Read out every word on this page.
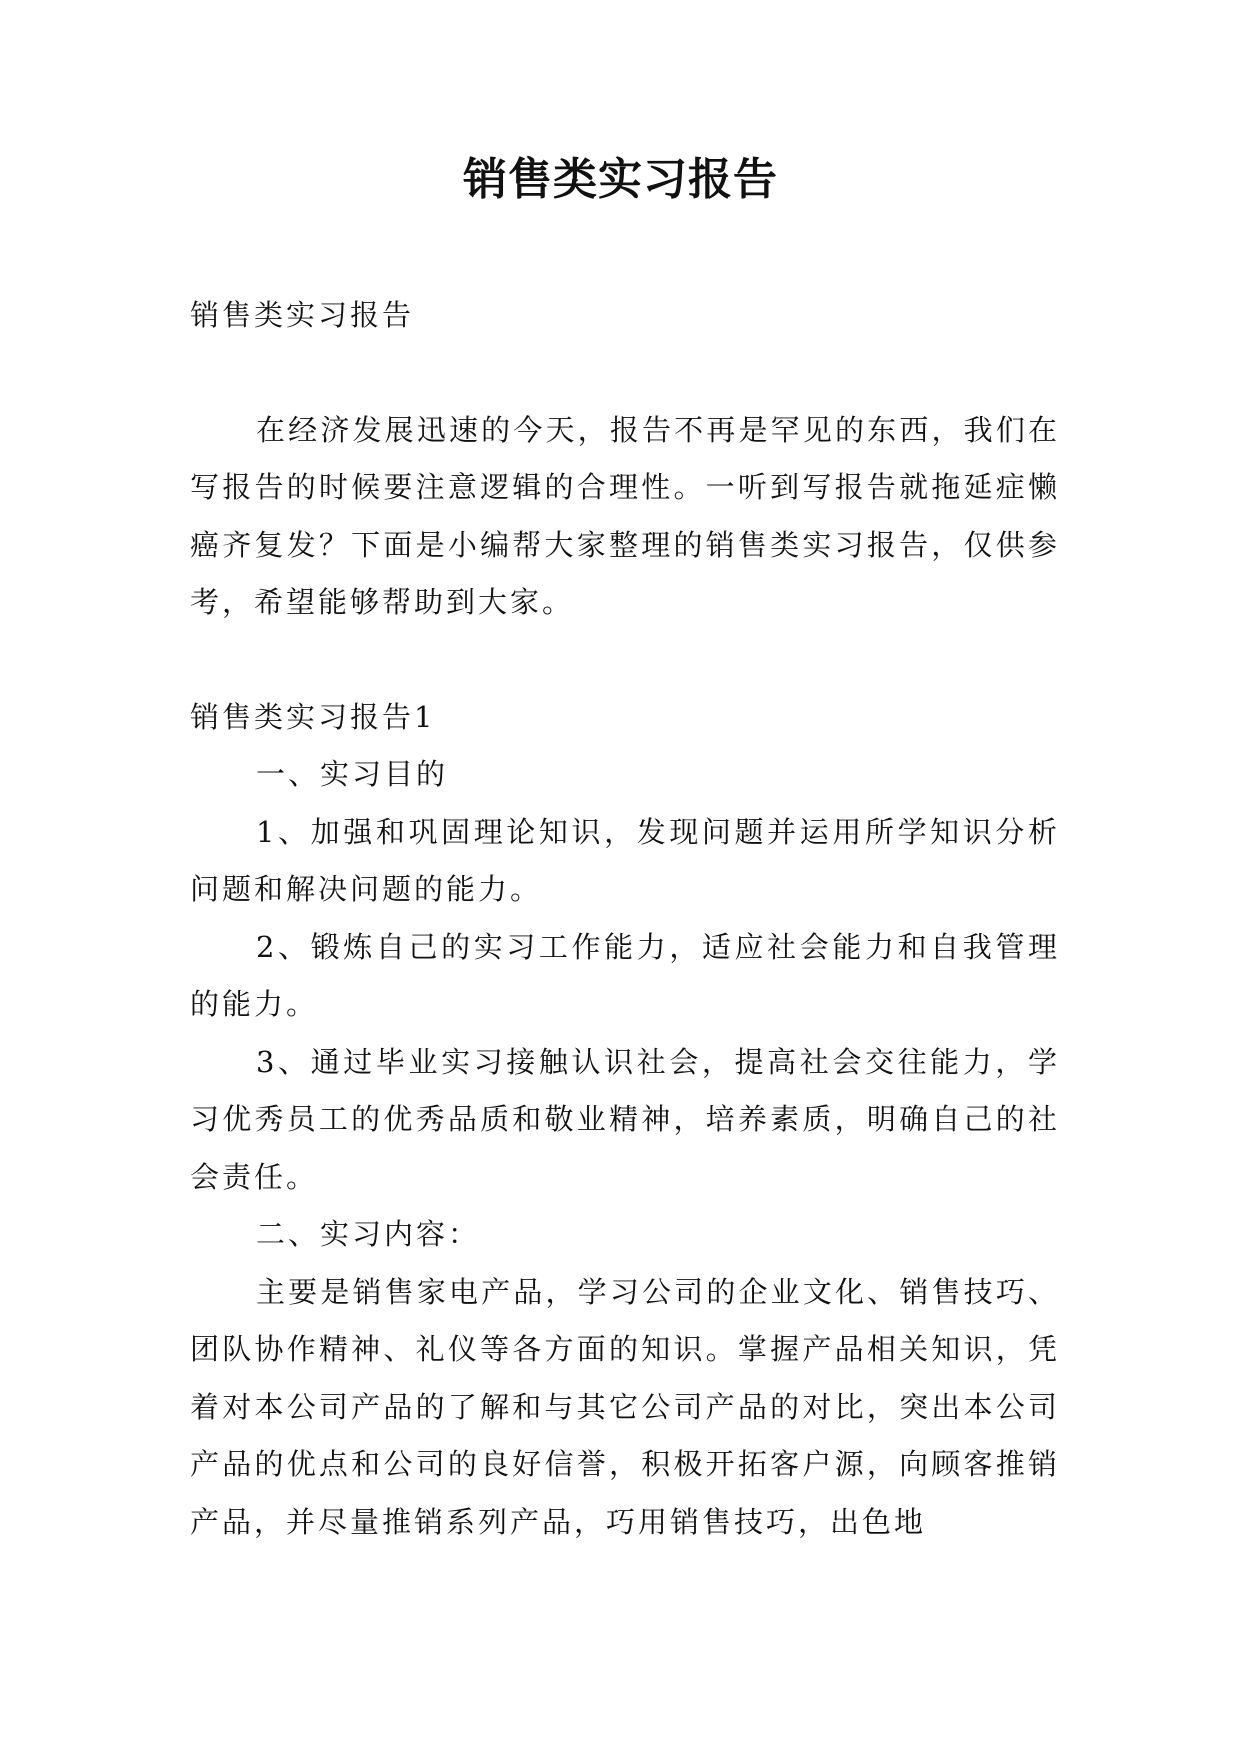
销售类实习报告

销售类实习报告

在经济发展迅速的今天，报告不再是罕见的东西，我们在写报告的时候要注意逻辑的合理性。一听到写报告就拖延症懒癌齐复发？下面是小编帮大家整理的销售类实习报告，仅供参考，希望能够帮助到大家。

销售类实习报告1

一、实习目的

1、加强和巩固理论知识，发现问题并运用所学知识分析问题和解决问题的能力。

2、锻炼自己的实习工作能力，适应社会能力和自我管理的能力。

3、通过毕业实习接触认识社会，提高社会交往能力，学习优秀员工的优秀品质和敬业精神，培养素质，明确自己的社会责任。

二、实习内容：

主要是销售家电产品，学习公司的企业文化、销售技巧、团队协作精神、礼仪等各方面的知识。掌握产品相关知识，凭着对本公司产品的了解和与其它公司产品的对比，突出本公司产品的优点和公司的良好信誉，积极开拓客户源，向顾客推销产品，并尽量推销系列产品，巧用销售技巧，出色地
